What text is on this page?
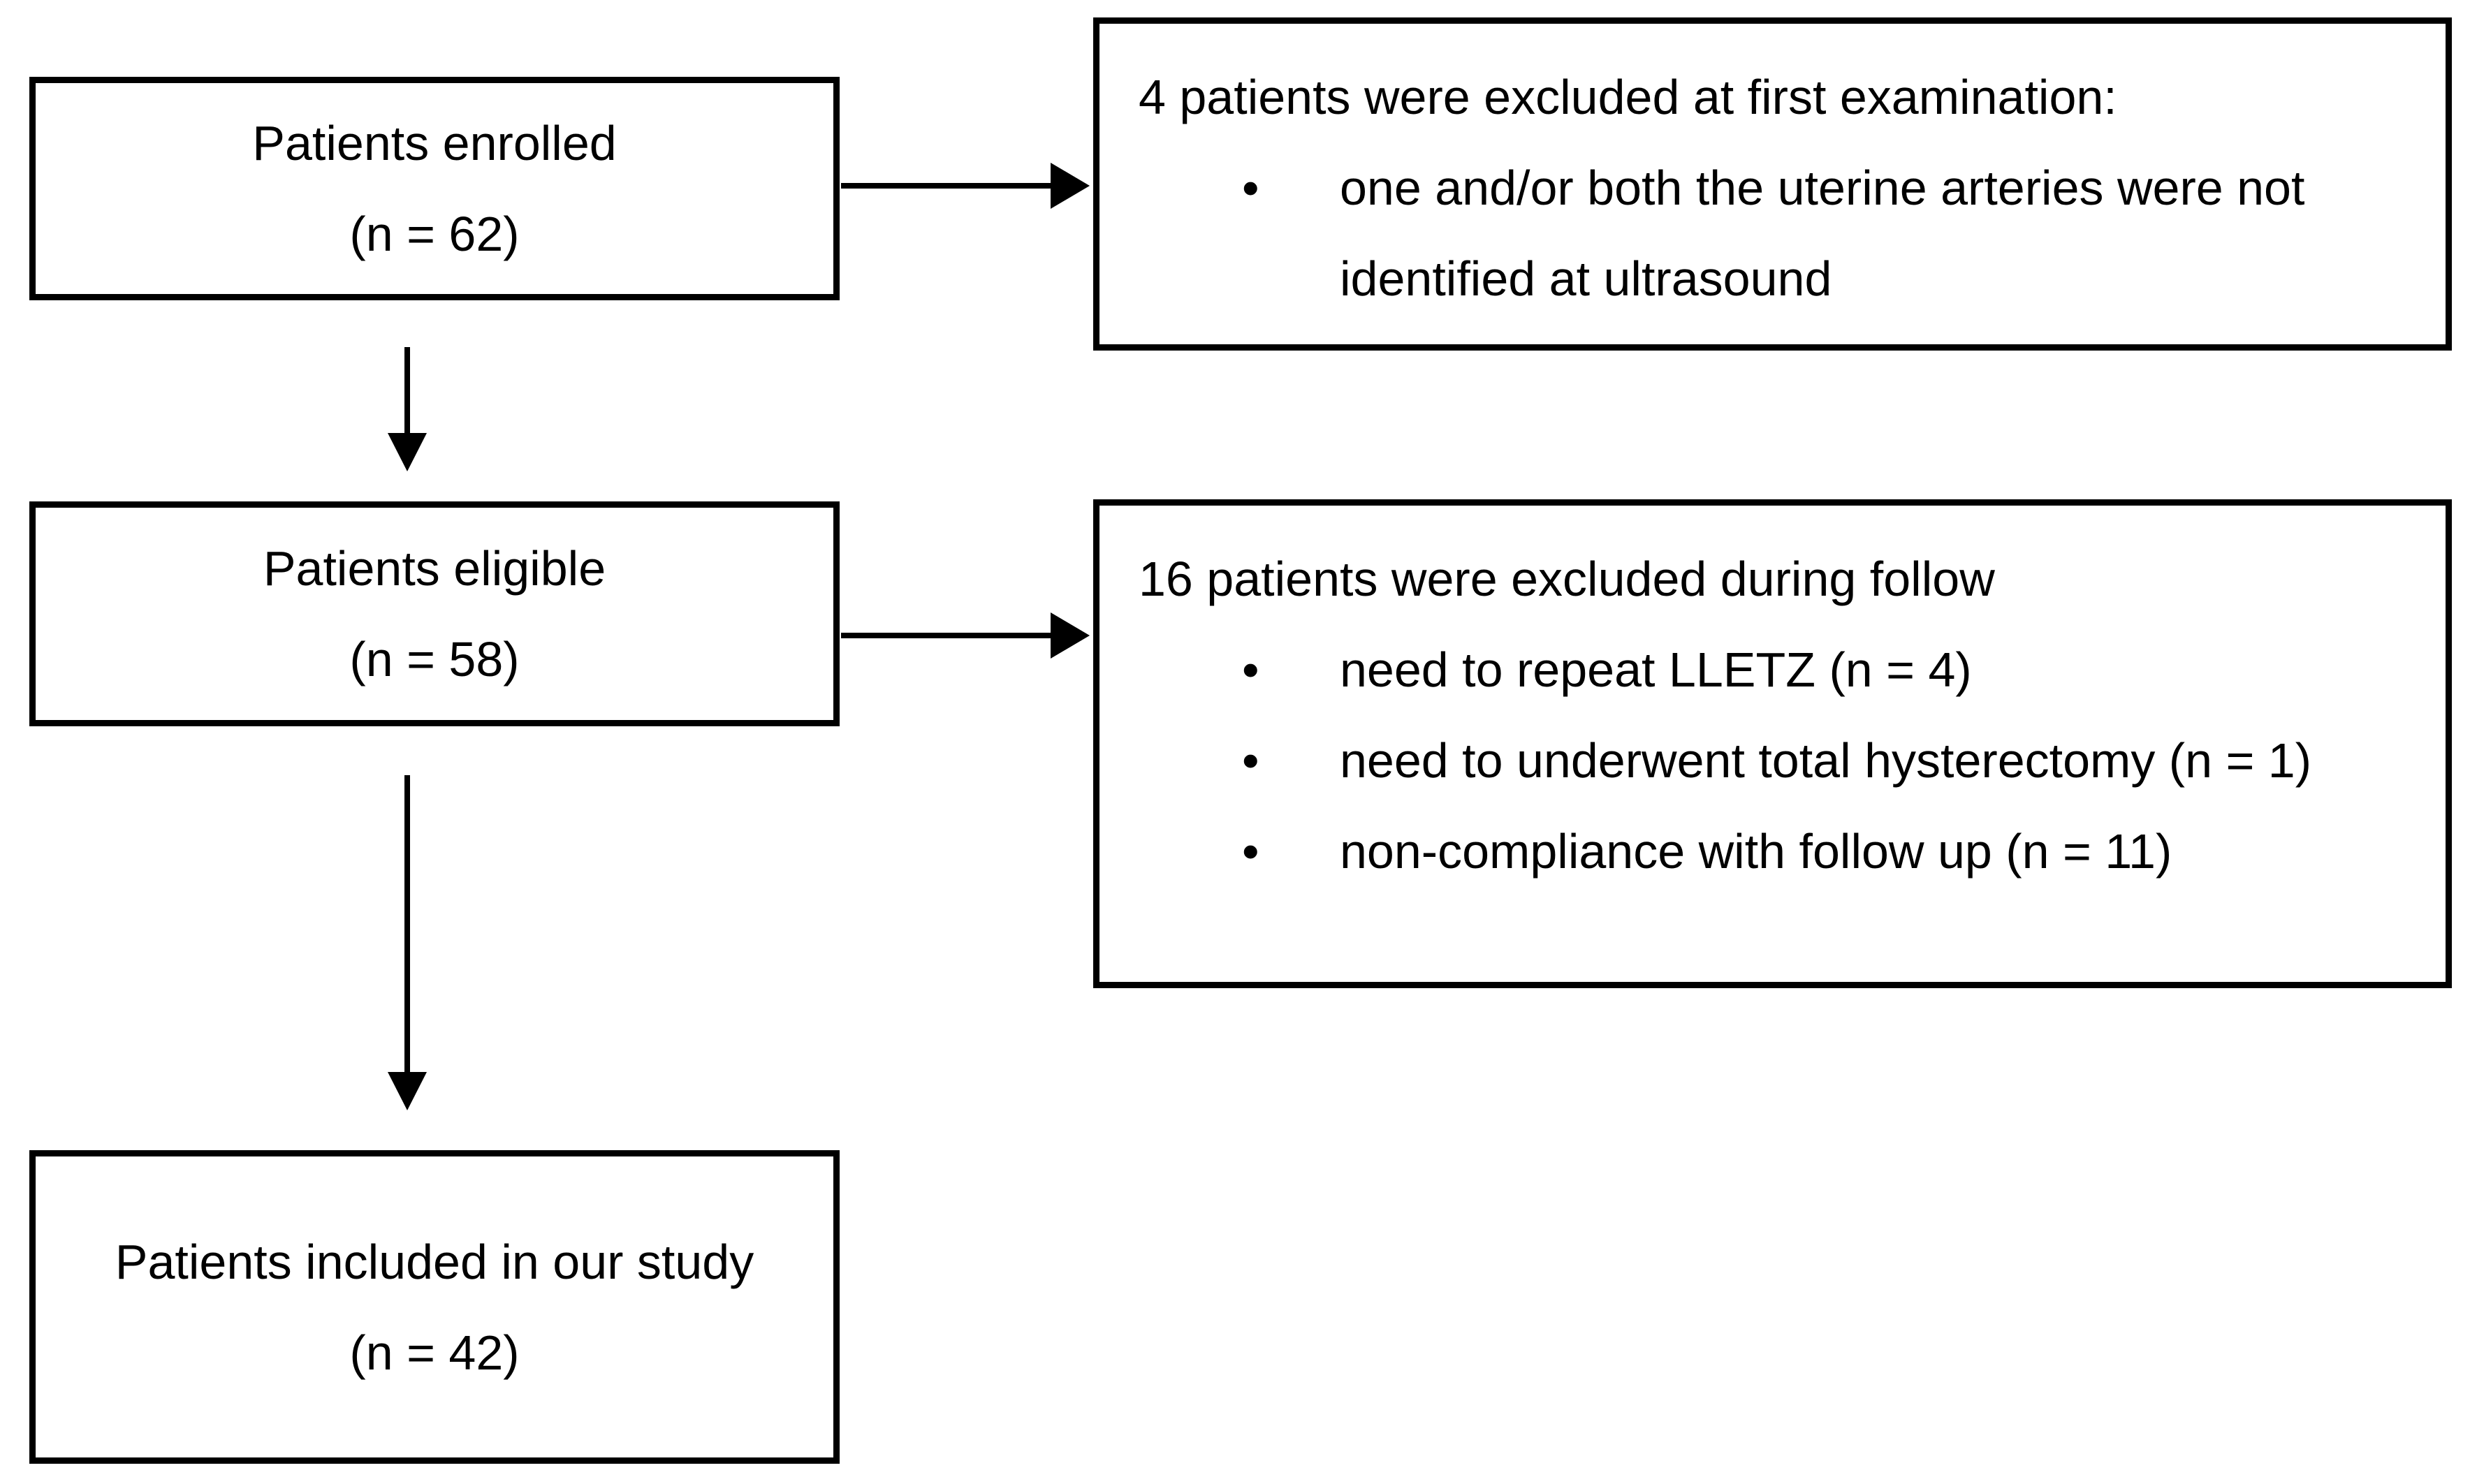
Patients enrolled
(n = 62)
4 patients were excluded at first examination:
•	one and/or both the uterine arteries were not identified at ultrasound
Patients eligible
(n = 58)
16 patients were excluded during follow
•	need to repeat LLETZ (n = 4)
•	need to underwent total hysterectomy (n = 1)
•	non-compliance with follow up (n = 11)
Patients included in our study
(n = 42)
